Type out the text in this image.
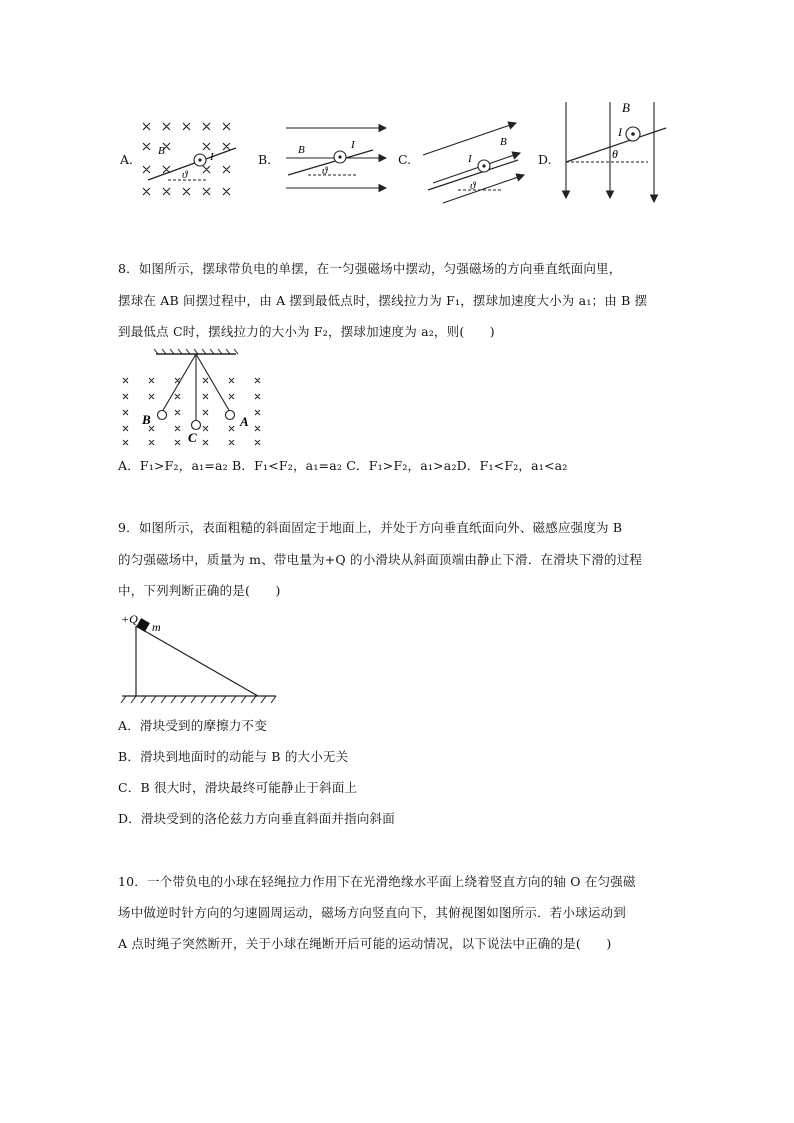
A.	B.	C.	D.
B	I
ϑ
B	I
ϑ
B
I
ϑ
B
I
θ
8．如图所示，摆球带负电的单摆，在一匀强磁场中摆动，匀强磁场的方向垂直纸面向里，
摆球在 AB 间摆过程中，由 A 摆到最低点时，摆线拉力为 F₁，摆球加速度大小为 a₁；由 B 摆
到最低点 C时，摆线拉力的大小为 F₂，摆球加速度为 a₂，则(　　)
B
C
A
A．F₁>F₂，a₁=a₂ B．F₁<F₂，a₁=a₂ C．F₁>F₂，a₁>a₂D．F₁<F₂，a₁<a₂
9．如图所示，表面粗糙的斜面固定于地面上，并处于方向垂直纸面向外、磁感应强度为 B
的匀强磁场中，质量为 m、带电量为+Q 的小滑块从斜面顶端由静止下滑．在滑块下滑的过程
中，下列判断正确的是(　　)
+Q
m
A．滑块受到的摩擦力不变
B．滑块到地面时的动能与 B 的大小无关
C．B 很大时，滑块最终可能静止于斜面上
D．滑块受到的洛伦兹力方向垂直斜面并指向斜面
10．一个带负电的小球在轻绳拉力作用下在光滑绝缘水平面上绕着竖直方向的轴 O 在匀强磁
场中做逆时针方向的匀速圆周运动，磁场方向竖直向下，其俯视图如图所示．若小球运动到
A 点时绳子突然断开，关于小球在绳断开后可能的运动情况，以下说法中正确的是(　　)
